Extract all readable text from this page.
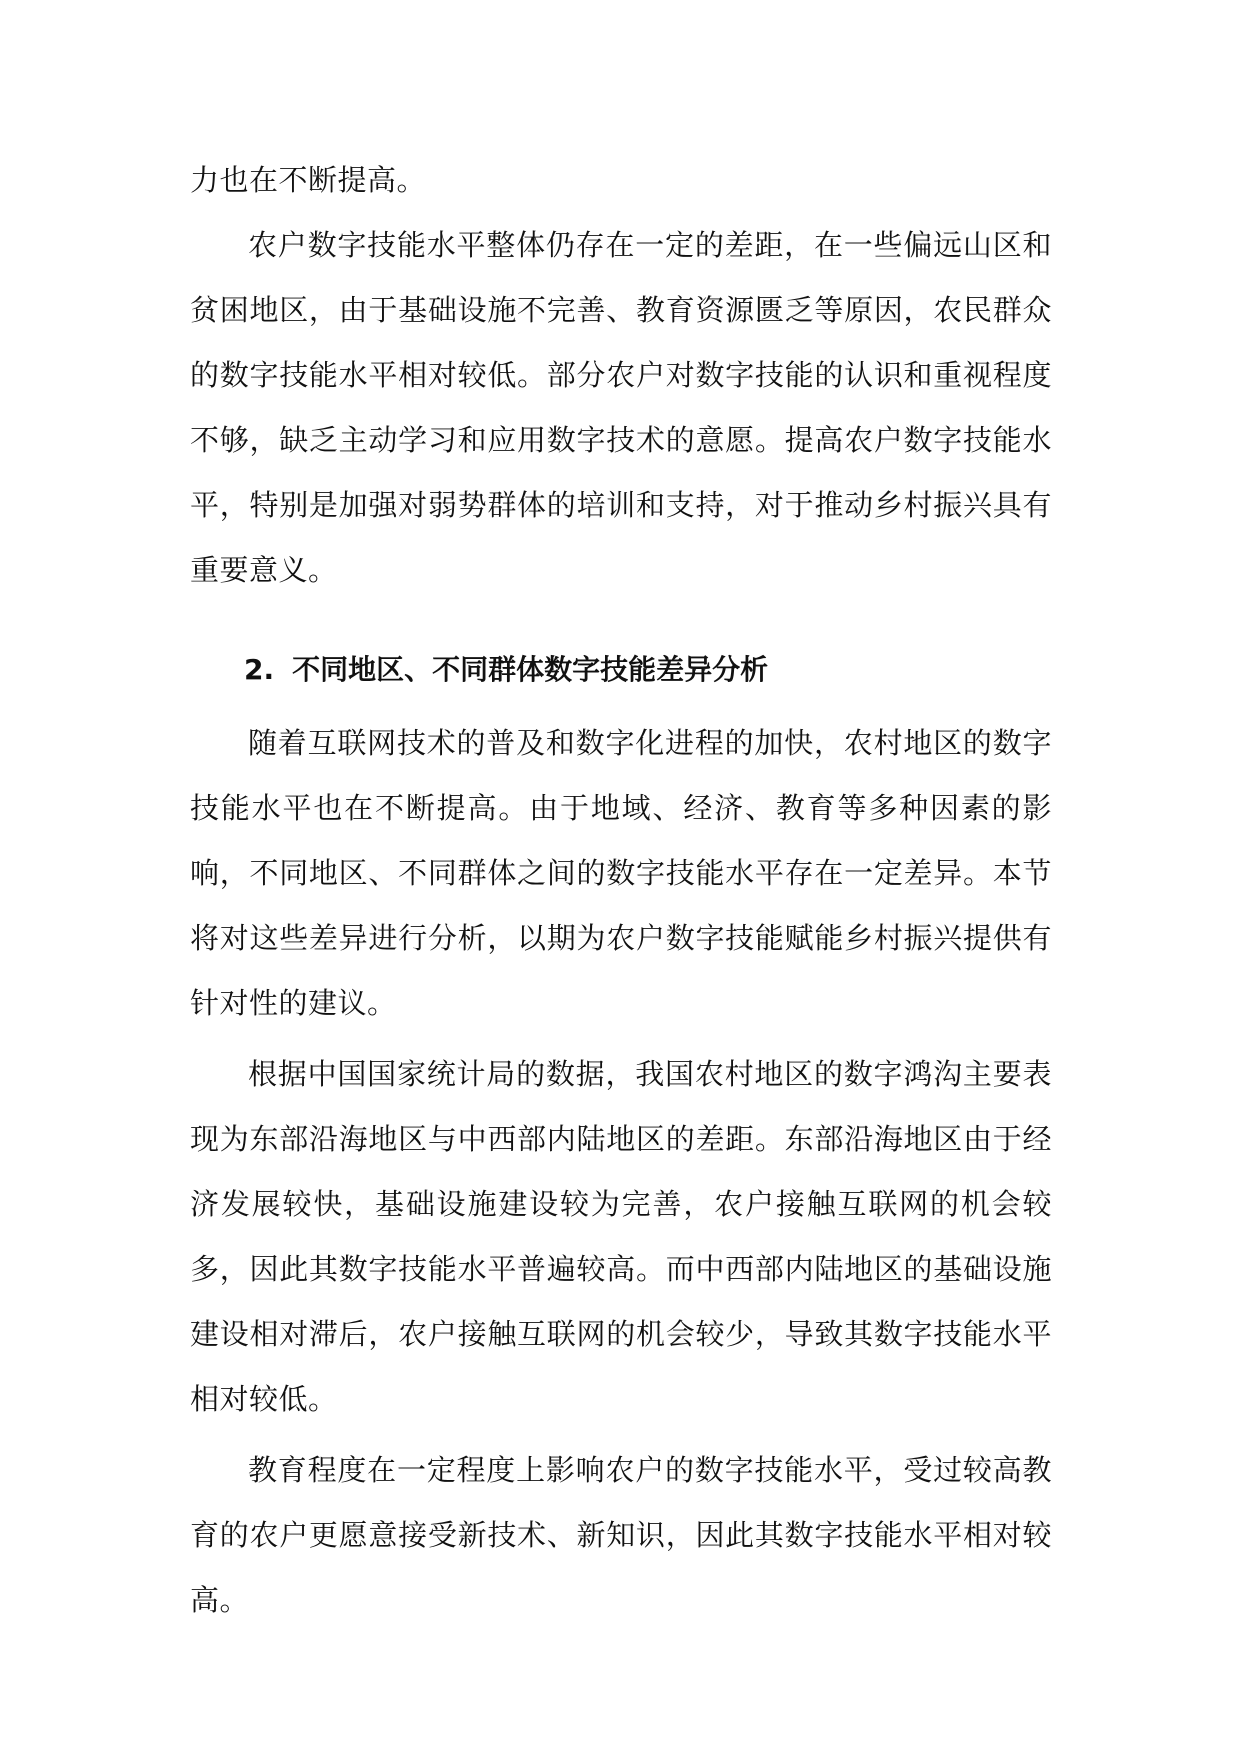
力也在不断提高。

农户数字技能水平整体仍存在一定的差距，在一些偏远山区和贫困地区，由于基础设施不完善、教育资源匮乏等原因，农民群众的数字技能水平相对较低。部分农户对数字技能的认识和重视程度不够，缺乏主动学习和应用数字技术的意愿。提高农户数字技能水平，特别是加强对弱势群体的培训和支持，对于推动乡村振兴具有重要意义。

2. 不同地区、不同群体数字技能差异分析

随着互联网技术的普及和数字化进程的加快，农村地区的数字技能水平也在不断提高。由于地域、经济、教育等多种因素的影响，不同地区、不同群体之间的数字技能水平存在一定差异。本节将对这些差异进行分析，以期为农户数字技能赋能乡村振兴提供有针对性的建议。

根据中国国家统计局的数据，我国农村地区的数字鸿沟主要表现为东部沿海地区与中西部内陆地区的差距。东部沿海地区由于经济发展较快，基础设施建设较为完善，农户接触互联网的机会较多，因此其数字技能水平普遍较高。而中西部内陆地区的基础设施建设相对滞后，农户接触互联网的机会较少，导致其数字技能水平相对较低。

教育程度在一定程度上影响农户的数字技能水平，受过较高教育的农户更愿意接受新技术、新知识，因此其数字技能水平相对较高。
